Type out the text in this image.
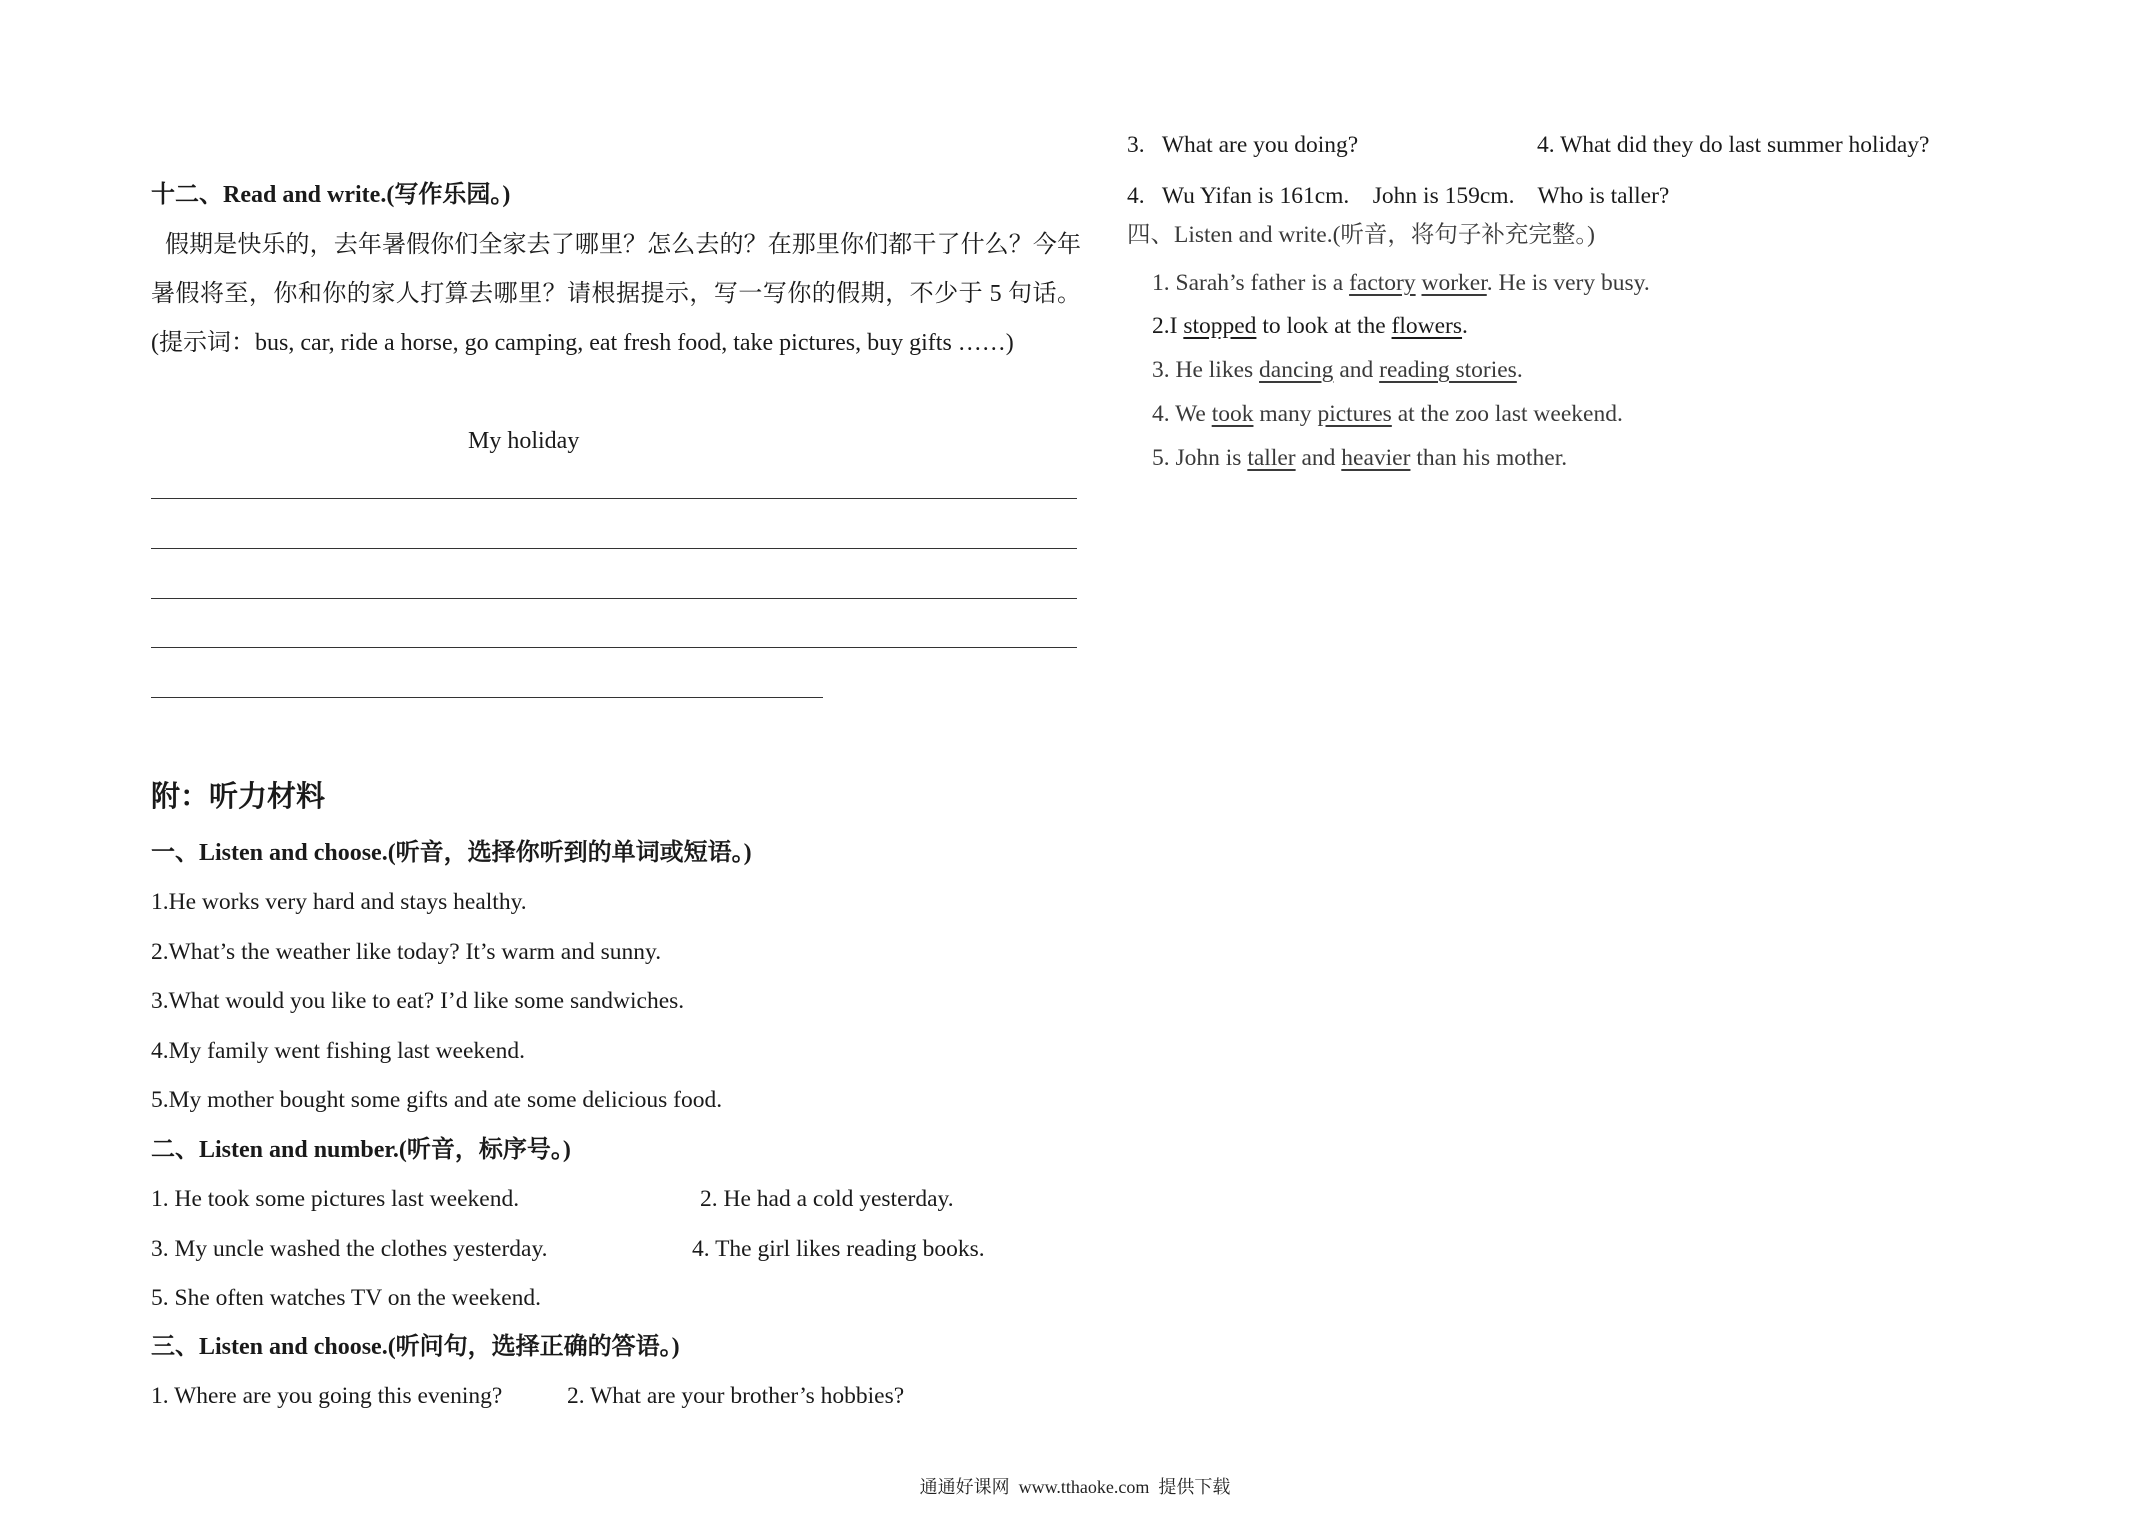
十二、Read and write.(写作乐园。)
假期是快乐的，去年暑假你们全家去了哪里？怎么去的？在那里你们都干了什么？今年暑假将至，你和你的家人打算去哪里？请根据提示，写一写你的假期，不少于 5 句话。(提示词：bus, car, ride a horse, go camping, eat fresh food, take pictures, buy gifts ……)
My holiday
附：听力材料
一、Listen and choose.(听音，选择你听到的单词或短语。)
1.He works very hard and stays healthy.
2.What’s the weather like today? It’s warm and sunny.
3.What would you like to eat? I’d like some sandwiches.
4.My family went fishing last weekend.
5.My mother bought some gifts and ate some delicious food.
二、Listen and number.(听音，标序号。)
1. He took some pictures last weekend.	2. He had a cold yesterday.
3. My uncle washed the clothes yesterday.	4. The girl likes reading books.
5. She often watches TV on the weekend.
三、Listen and choose.(听问句，选择正确的答语。)
1. Where are you going this evening?	2. What are your brother’s hobbies?
3.   What are you doing?	4. What did they do last summer holiday?
4.   Wu Yifan is 161cm.    John is 159cm.    Who is taller?
四、Listen and write.(听音，将句子补充完整。)
1. Sarah’s father is a factory worker. He is very busy.
2.I stopped to look at the flowers.
3. He likes dancing and reading stories.
4. We took many pictures at the zoo last weekend.
5. John is taller and heavier than his mother.
通通好课网  www.tthaoke.com  提供下载
